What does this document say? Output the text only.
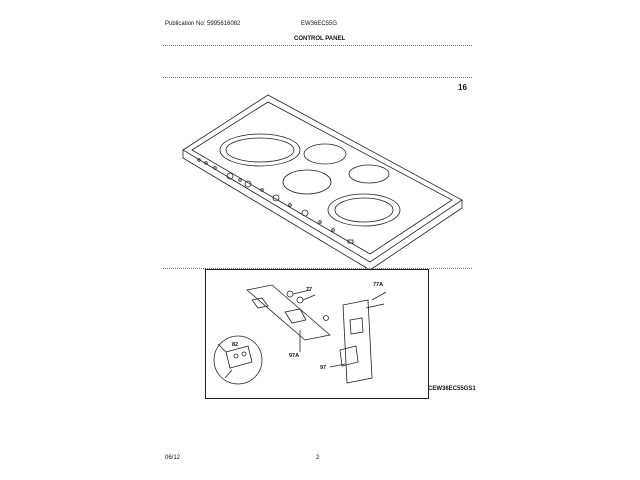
Publication No: 5995616082	EW36EC55G
CONTROL PANEL
16
77
77A
82
97A
97
CEW36EC55GS1
06/12	2
